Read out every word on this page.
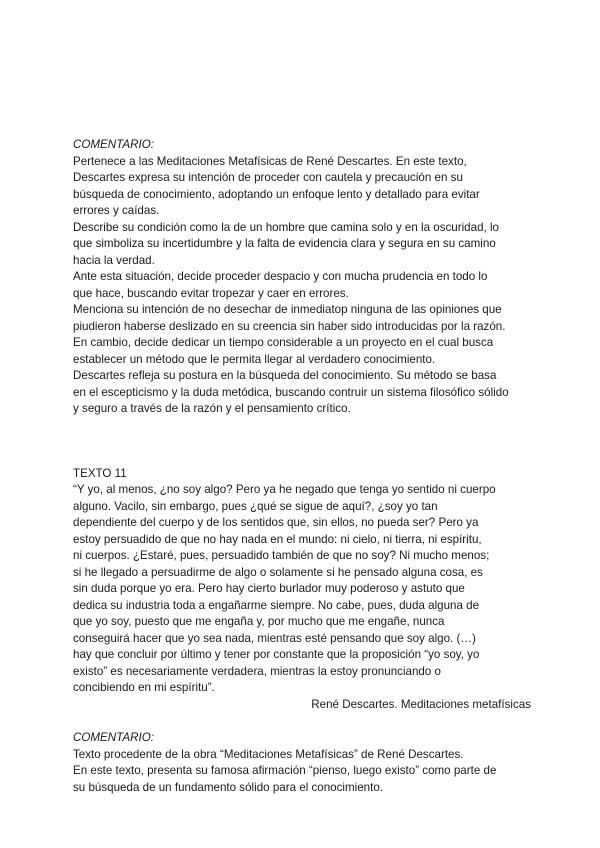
COMENTARIO:
Pertenece a las Meditaciones Metafísicas de René Descartes. En este texto,
Descartes expresa su intención de proceder con cautela y precaución en su
búsqueda de conocimiento, adoptando un enfoque lento y detallado para evitar
errores y caídas.
Describe su condición como la de un hombre que camina solo y en la oscuridad, lo
que simboliza su incertidumbre y la falta de evidencia clara y segura en su camino
hacia la verdad.
Ante esta situación, decide proceder despacio y con mucha prudencia en todo lo
que hace, buscando evitar tropezar y caer en errores.
Menciona su intención de no desechar de inmediatop ninguna de las opiniones que
piudieron haberse deslizado en su creencia sin haber sido introducidas por la razón.
En cambio, decide dedicar un tiempo considerable a un proyecto en el cual busca
establecer un método que le permita llegar al verdadero conocimiento.
Descartes refleja su postura en la búsqueda del conocimiento. Su método se basa
en el escepticismo y la duda metódica, buscando contruir un sistema filosófico sólido
y seguro a través de la razón y el pensamiento crítico.
TEXTO 11
“Y yo, al menos, ¿no soy algo? Pero ya he negado que tenga yo sentido ni cuerpo
alguno. Vacilo, sin embargo, pues ¿qué se sigue de aquí?, ¿soy yo tan
dependiente del cuerpo y de los sentidos que, sin ellos, no pueda ser? Pero ya
estoy persuadido de que no hay nada en el mundo: ni cielo, ni tierra, ni espíritu,
ni cuerpos. ¿Estaré, pues, persuadido también de que no soy? Ni mucho menos;
si he llegado a persuadirme de algo o solamente si he pensado alguna cosa, es
sin duda porque yo era. Pero hay cierto burlador muy poderoso y astuto que
dedica su industria toda a engañarme siempre. No cabe, pues, duda alguna de
que yo soy, puesto que me engaña y, por mucho que me engañe, nunca
conseguirá hacer que yo sea nada, mientras esté pensando que soy algo. (…)
hay que concluir por último y tener por constante que la proposición “yo soy, yo
existo” es necesariamente verdadera, mientras la estoy pronunciando o
concibiendo en mi espíritu”.
René Descartes. Meditaciones metafísicas
COMENTARIO:
Texto procedente de la obra “Meditaciones Metafísicas” de René Descartes.
En este texto, presenta su famosa afirmación “pienso, luego existo” como parte de
su búsqueda de un fundamento sólido para el conocimiento.
